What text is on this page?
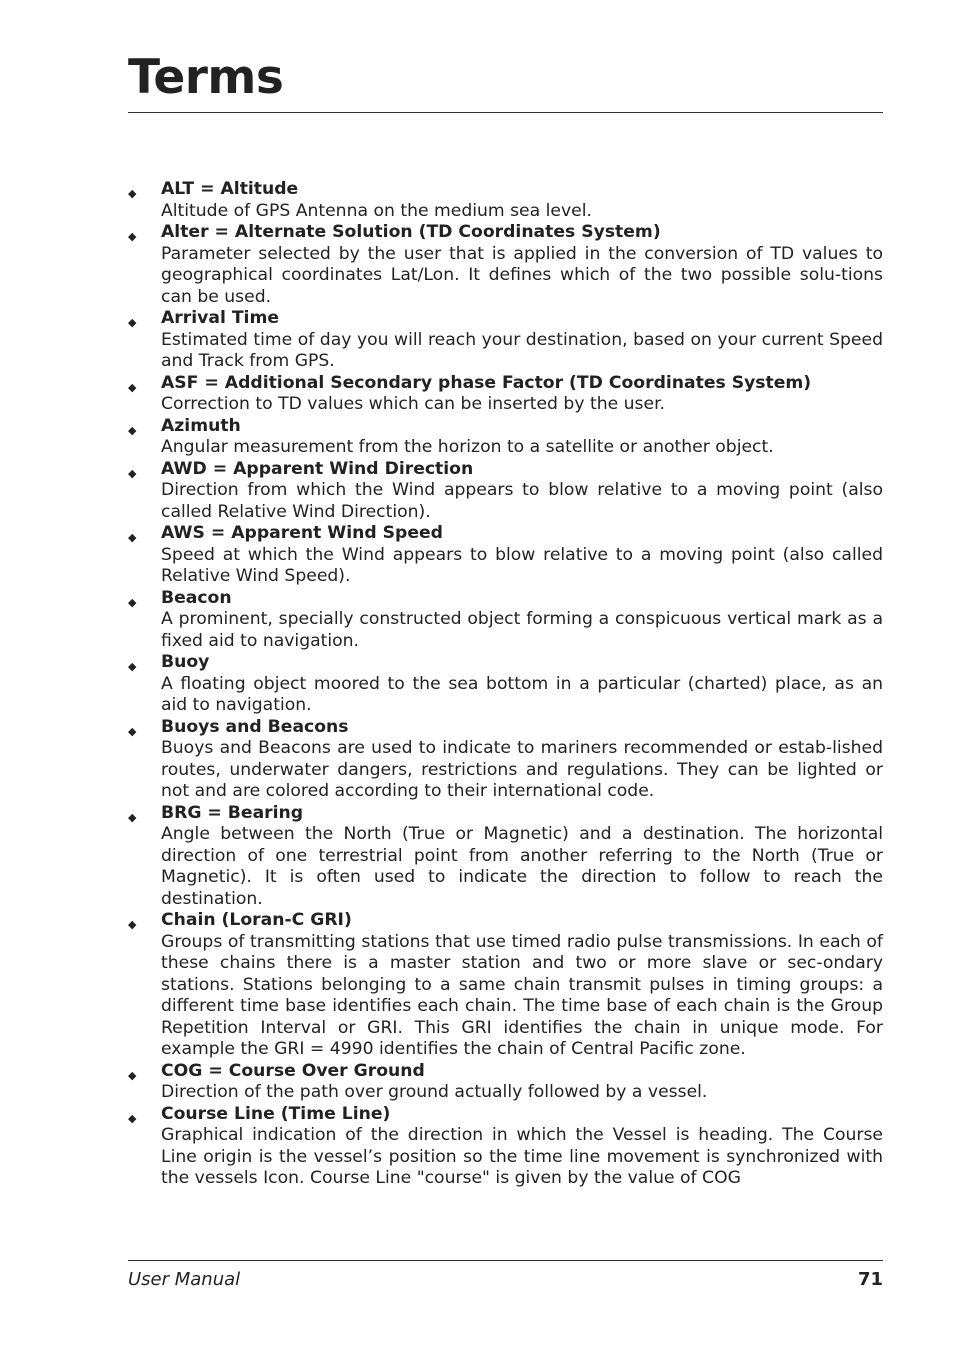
Terms
◆ ALT = Altitude
Altitude of GPS Antenna on the medium sea level.
◆ Alter = Alternate Solution (TD Coordinates System)
Parameter selected by the user that is applied in the conversion of TD values to geographical coordinates Lat/Lon. It defines which of the two possible solu-tions can be used.
◆ Arrival Time
Estimated time of day you will reach your destination, based on your current Speed and Track from GPS.
◆ ASF = Additional Secondary phase Factor (TD Coordinates System)
Correction to TD values which can be inserted by the user.
◆ Azimuth
Angular measurement from the horizon to a satellite or another object.
◆ AWD = Apparent Wind Direction
Direction from which the Wind appears to blow relative to a moving point (also called Relative Wind Direction).
◆ AWS = Apparent Wind Speed
Speed at which the Wind appears to blow relative to a moving point (also called Relative Wind Speed).
◆ Beacon
A prominent, specially constructed object forming a conspicuous vertical mark as a fixed aid to navigation.
◆ Buoy
A floating object moored to the sea bottom in a particular (charted) place, as an aid to navigation.
◆ Buoys and Beacons
Buoys and Beacons are used to indicate to mariners recommended or estab-lished routes, underwater dangers, restrictions and regulations. They can be lighted or not and are colored according to their international code.
◆ BRG = Bearing
Angle between the North (True or Magnetic) and a destination. The horizontal direction of one terrestrial point from another referring to the North (True or Magnetic). It is often used to indicate the direction to follow to reach the destination.
◆ Chain (Loran-C GRI)
Groups of transmitting stations that use timed radio pulse transmissions. In each of these chains there is a master station and two or more slave or sec-ondary stations. Stations belonging to a same chain transmit pulses in timing groups: a different time base identifies each chain. The time base of each chain is the Group Repetition Interval or GRI. This GRI identifies the chain in unique mode. For example the GRI = 4990 identifies the chain of Central Pacific zone.
◆ COG = Course Over Ground
Direction of the path over ground actually followed by a vessel.
◆ Course Line (Time Line)
Graphical indication of the direction in which the Vessel is heading. The Course Line origin is the vessel’s position so the time line movement is synchronized with the vessels Icon. Course Line "course" is given by the value of COG
User Manual	71
